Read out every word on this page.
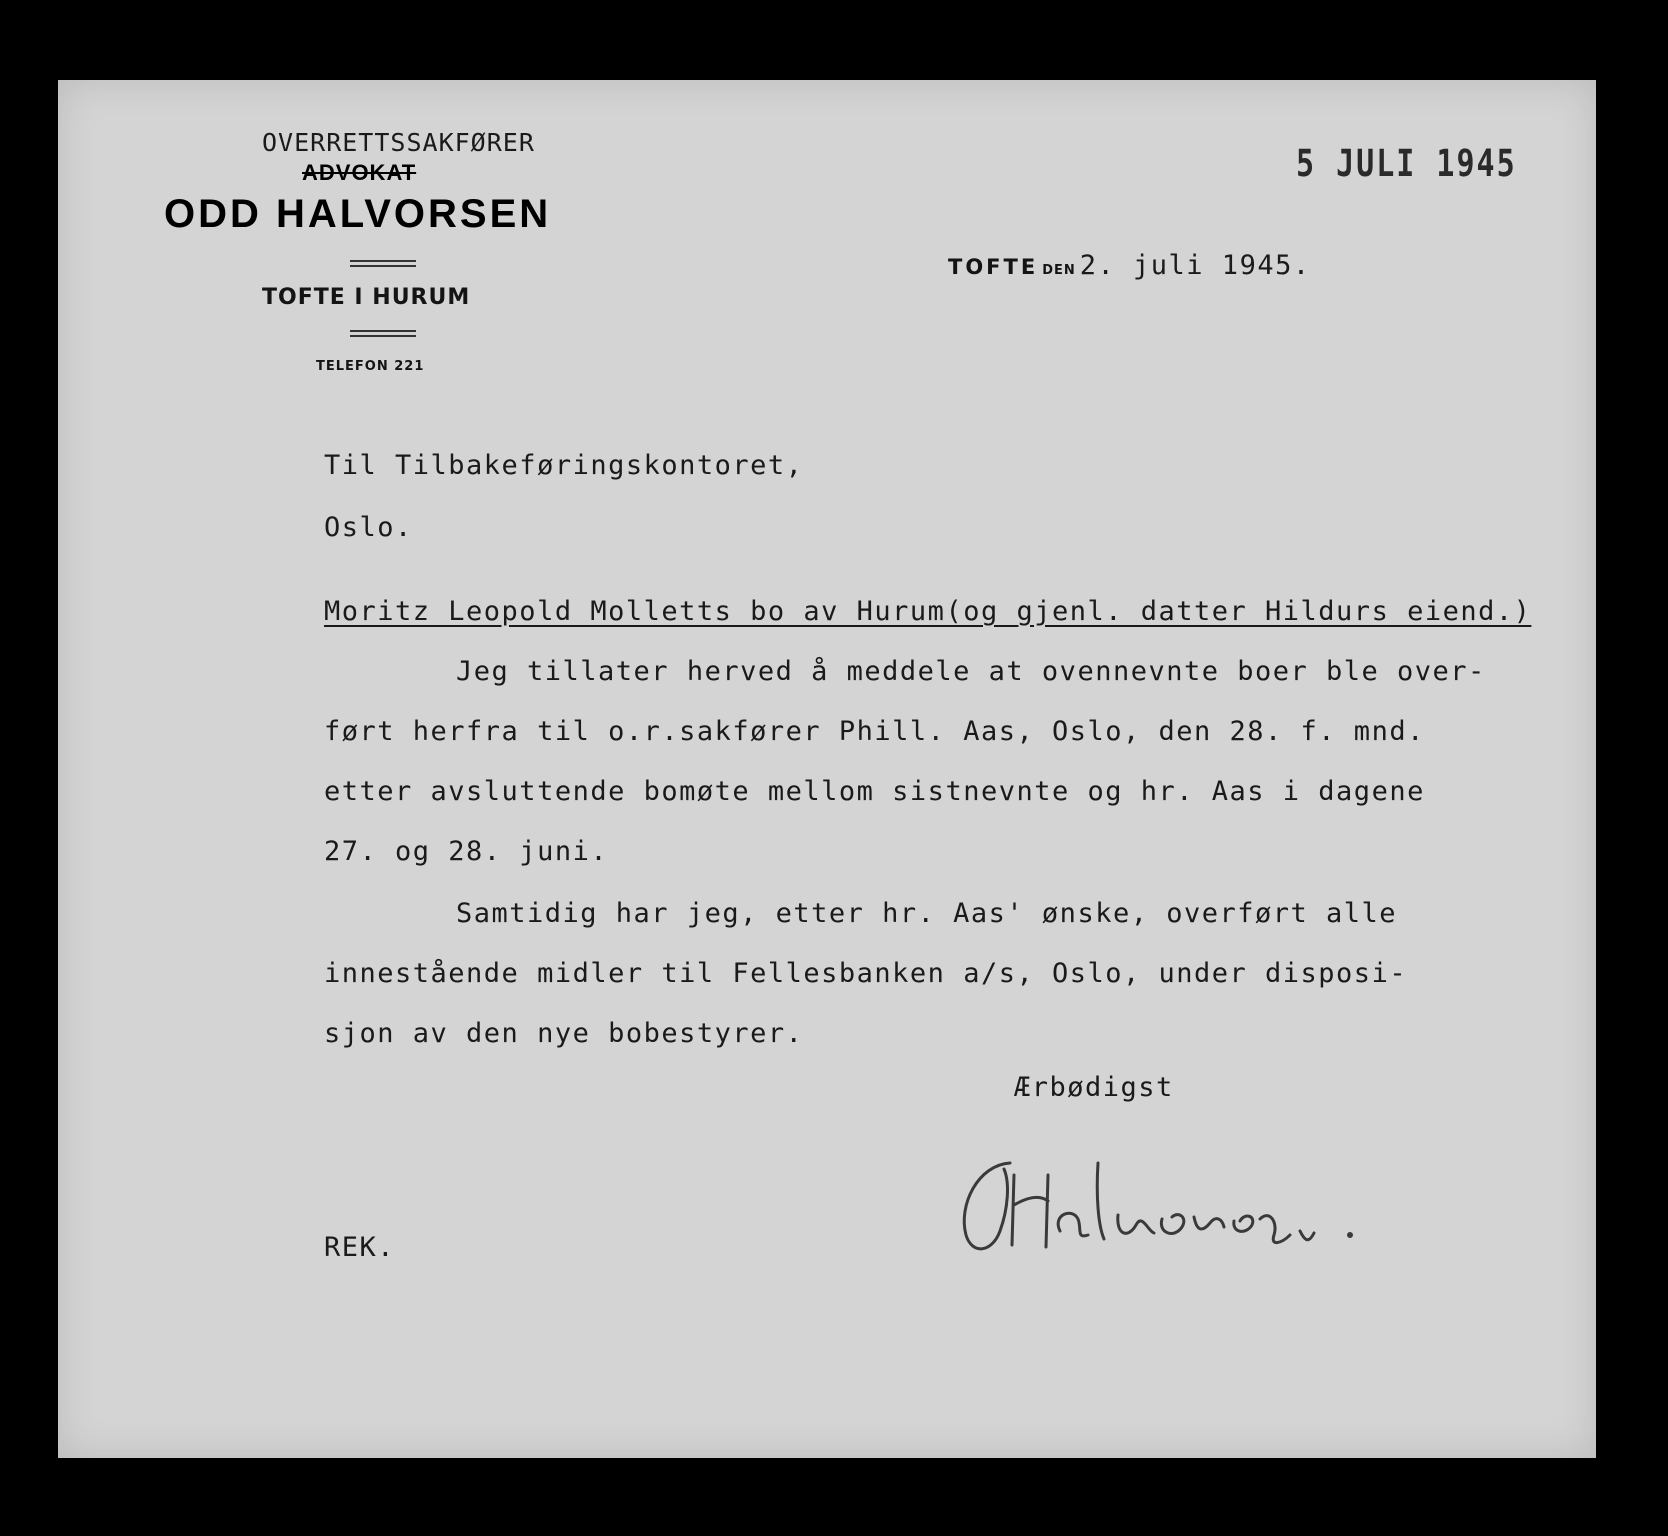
OVERRETTSSAKFØRER
ADVOKAT
ODD HALVORSEN
TOFTE I HURUM
TELEFON 221
5 JULI 1945
TOFTE DEN 2. juli 1945.
Til Tilbakeføringskontoret,
Oslo.
Moritz Leopold Molletts bo av Hurum(og gjenl. datter Hildurs eiend.)
Jeg tillater herved å meddele at ovennevnte boer ble over-
ført herfra til o.r.sakfører Phill. Aas, Oslo, den 28. f. mnd.
etter avsluttende bomøte mellom sistnevnte og hr. Aas i dagene
27. og 28. juni.
Samtidig har jeg, etter hr. Aas' ønske, overført alle
innestående midler til Fellesbanken a/s, Oslo, under disposi-
sjon av den nye bobestyrer.
Ærbødigst
REK.
